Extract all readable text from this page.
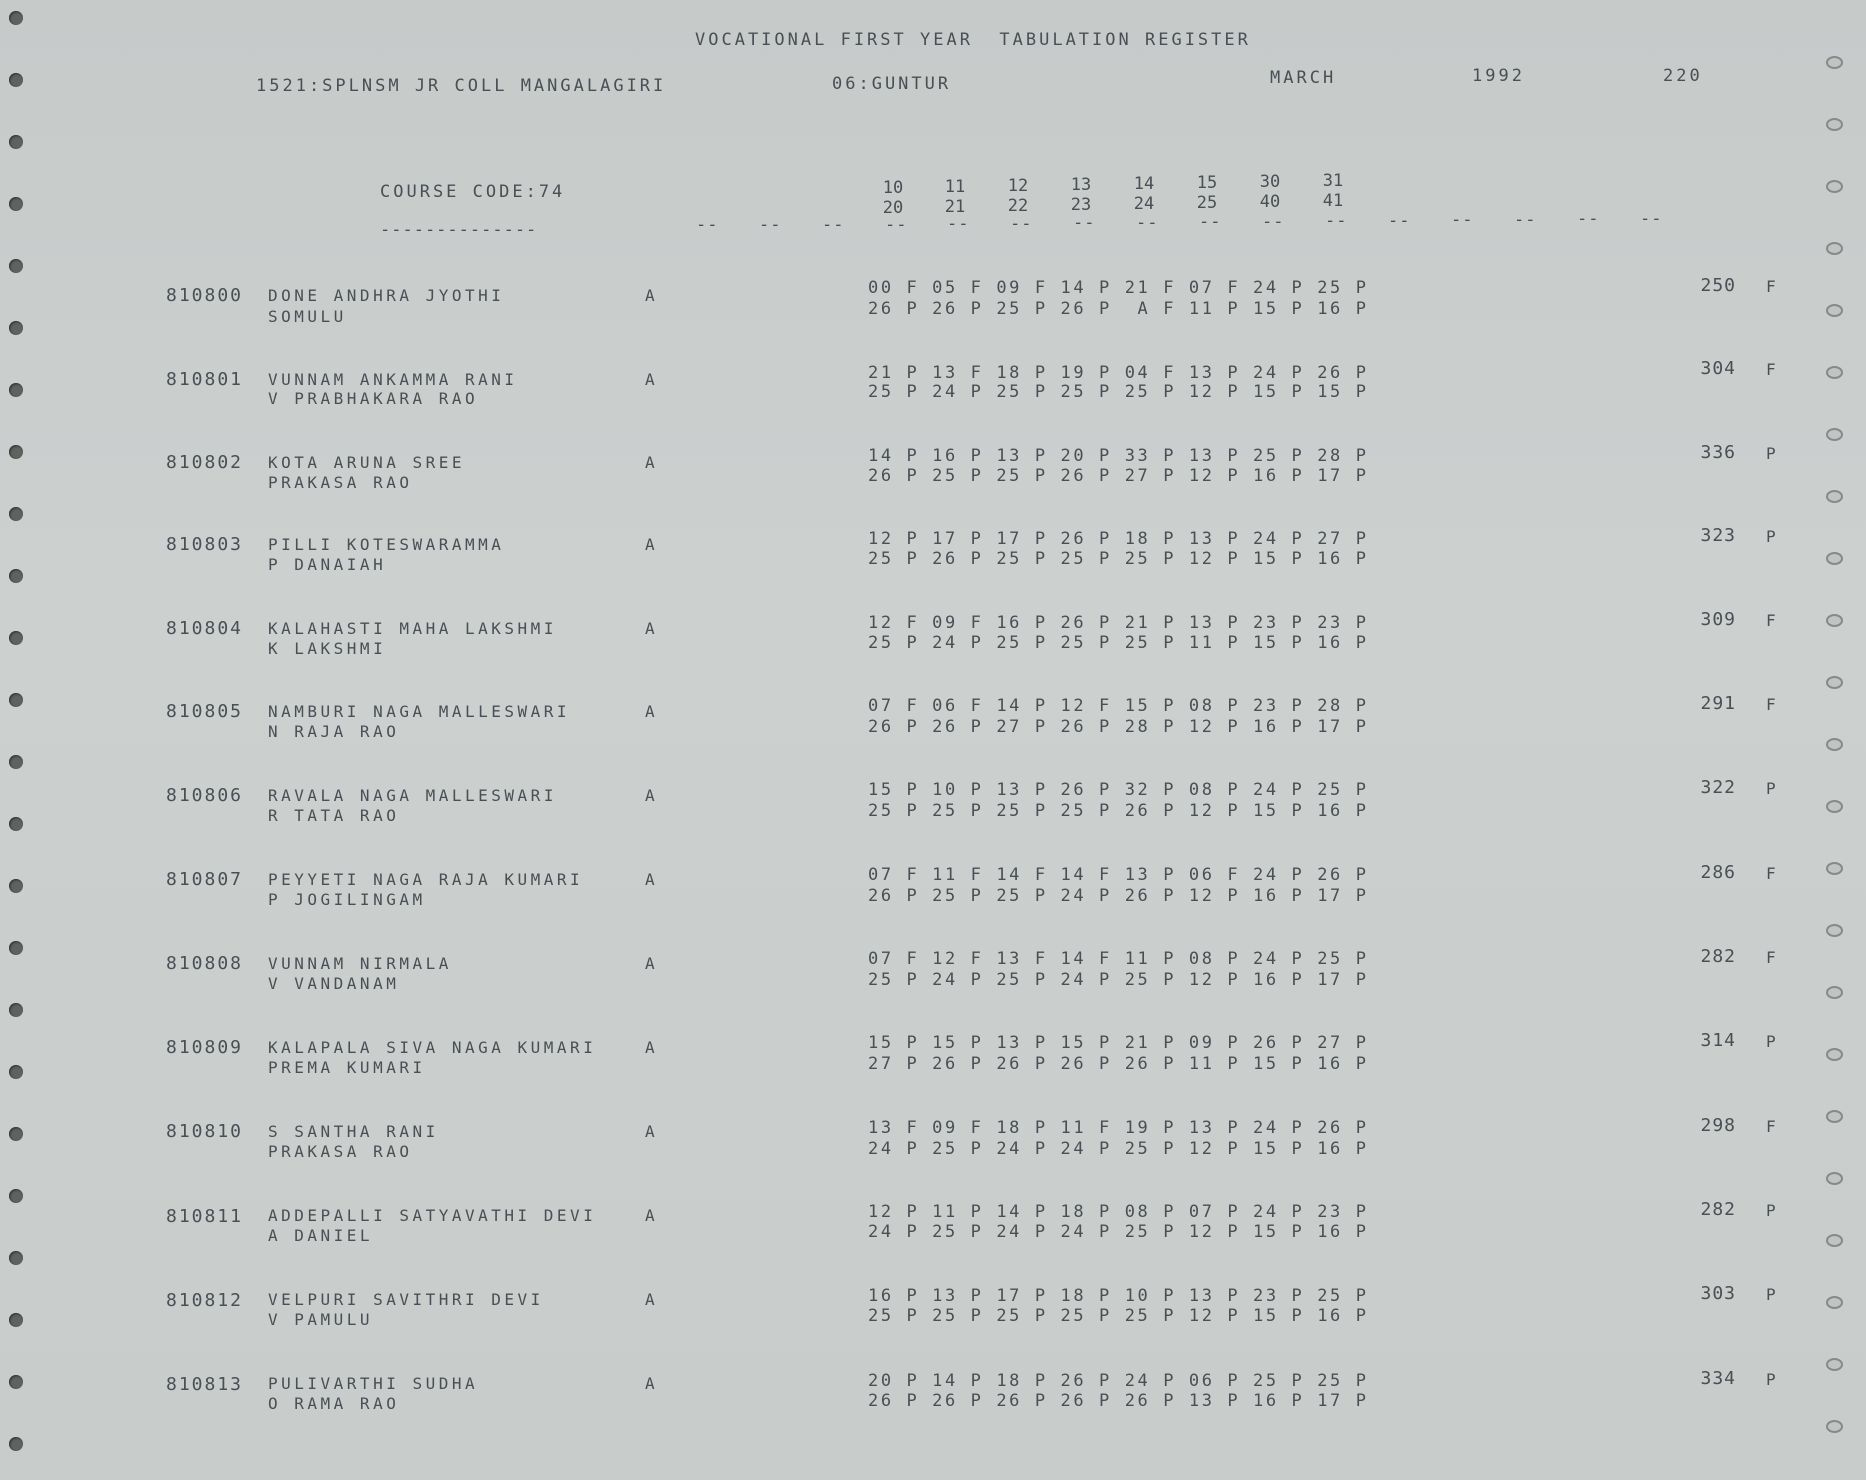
VOCATIONAL FIRST YEAR  TABULATION REGISTER
1521:SPLNSM JR COLL MANGALAGIRI	06:GUNTUR	MARCH	1992	220
COURSE CODE:74
--------------
10	11	12	13	14	15	30	31
20	21	22	23	24	25	40	41
-- -- -- -- -- -- -- -- -- -- -- -- -- -- -- --
810800 DONE ANDHRA JYOTHI
SOMULU
A	00 F 05 F 09 F 14 P 21 F 07 F 24 P 25 P
26 P 26 P 25 P 26 P  A F 11 P 15 P 16 P
250 F
810801 VUNNAM ANKAMMA RANI
V PRABHAKARA RAO
A	21 P 13 F 18 P 19 P 04 F 13 P 24 P 26 P
25 P 24 P 25 P 25 P 25 P 12 P 15 P 15 P
304 F
810802 KOTA ARUNA SREE
PRAKASA RAO
A	14 P 16 P 13 P 20 P 33 P 13 P 25 P 28 P
26 P 25 P 25 P 26 P 27 P 12 P 16 P 17 P
336 P
810803 PILLI KOTESWARAMMA
P DANAIAH
A	12 P 17 P 17 P 26 P 18 P 13 P 24 P 27 P
25 P 26 P 25 P 25 P 25 P 12 P 15 P 16 P
323 P
810804 KALAHASTI MAHA LAKSHMI
K LAKSHMI
A	12 F 09 F 16 P 26 P 21 P 13 P 23 P 23 P
25 P 24 P 25 P 25 P 25 P 11 P 15 P 16 P
309 F
810805 NAMBURI NAGA MALLESWARI
N RAJA RAO
A	07 F 06 F 14 P 12 F 15 P 08 P 23 P 28 P
26 P 26 P 27 P 26 P 28 P 12 P 16 P 17 P
291 F
810806 RAVALA NAGA MALLESWARI
R TATA RAO
A	15 P 10 P 13 P 26 P 32 P 08 P 24 P 25 P
25 P 25 P 25 P 25 P 26 P 12 P 15 P 16 P
322 P
810807 PEYYETI NAGA RAJA KUMARI
P JOGILINGAM
A	07 F 11 F 14 F 14 F 13 P 06 F 24 P 26 P
26 P 25 P 25 P 24 P 26 P 12 P 16 P 17 P
286 F
810808 VUNNAM NIRMALA
V VANDANAM
A	07 F 12 F 13 F 14 F 11 P 08 P 24 P 25 P
25 P 24 P 25 P 24 P 25 P 12 P 16 P 17 P
282 F
810809 KALAPALA SIVA NAGA KUMARI
PREMA KUMARI
A	15 P 15 P 13 P 15 P 21 P 09 P 26 P 27 P
27 P 26 P 26 P 26 P 26 P 11 P 15 P 16 P
314 P
810810 S SANTHA RANI
PRAKASA RAO
A	13 F 09 F 18 P 11 F 19 P 13 P 24 P 26 P
24 P 25 P 24 P 24 P 25 P 12 P 15 P 16 P
298 F
810811 ADDEPALLI SATYAVATHI DEVI
A DANIEL
A	12 P 11 P 14 P 18 P 08 P 07 P 24 P 23 P
24 P 25 P 24 P 24 P 25 P 12 P 15 P 16 P
282 P
810812 VELPURI SAVITHRI DEVI
V PAMULU
A	16 P 13 P 17 P 18 P 10 P 13 P 23 P 25 P
25 P 25 P 25 P 25 P 25 P 12 P 15 P 16 P
303 P
810813 PULIVARTHI SUDHA
O RAMA RAO
A	20 P 14 P 18 P 26 P 24 P 06 P 25 P 25 P
26 P 26 P 26 P 26 P 26 P 13 P 16 P 17 P
334 P
